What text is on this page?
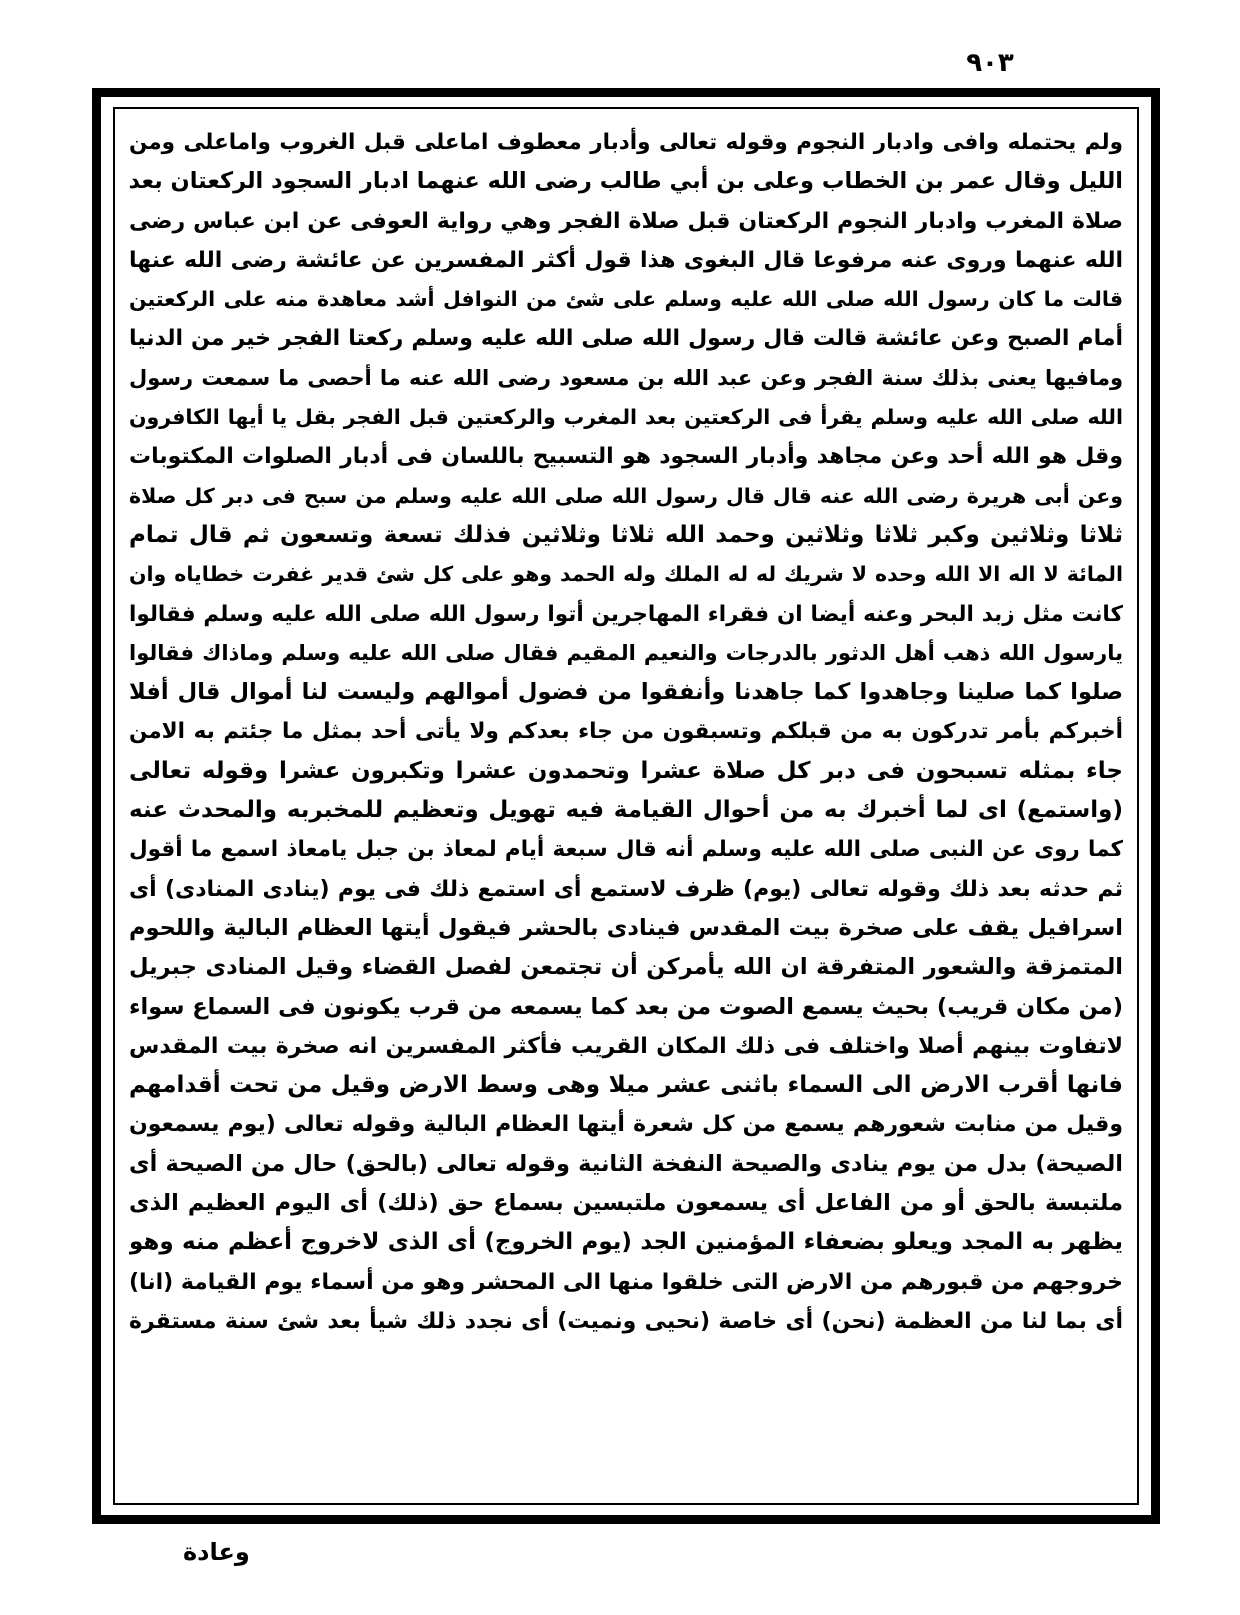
٩٠٣
ولم يحتمله وافى وادبار النجوم وقوله تعالى وأدبار معطوف اماعلى قبل الغروب واماعلى ومن
الليل وقال عمر بن الخطاب وعلى بن أبي طالب رضى الله عنهما ادبار السجود الركعتان بعد
صلاة المغرب وادبار النجوم الركعتان قبل صلاة الفجر وهي رواية العوفى عن ابن عباس رضى
الله عنهما وروى عنه مرفوعا قال البغوى هذا قول أكثر المفسرين عن عائشة رضى الله عنها
قالت ما كان رسول الله صلى الله عليه وسلم على شئ من النوافل أشد معاهدة منه على الركعتين
أمام الصبح وعن عائشة قالت قال رسول الله صلى الله عليه وسلم ركعتا الفجر خير من الدنيا
ومافيها يعنى بذلك سنة الفجر وعن عبد الله بن مسعود رضى الله عنه ما أحصى ما سمعت رسول
الله صلى الله عليه وسلم يقرأ فى الركعتين بعد المغرب والركعتين قبل الفجر بقل يا أيها الكافرون
وقل هو الله أحد وعن مجاهد وأدبار السجود هو التسبيح باللسان فى أدبار الصلوات المكتوبات
وعن أبى هريرة رضى الله عنه قال قال رسول الله صلى الله عليه وسلم من سبح فى دبر كل صلاة
ثلاثا وثلاثين وكبر ثلاثا وثلاثين وحمد الله ثلاثا وثلاثين فذلك تسعة وتسعون ثم قال تمام
المائة لا اله الا الله وحده لا شريك له له الملك وله الحمد وهو على كل شئ قدير غفرت خطاياه وان
كانت مثل زبد البحر وعنه أيضا ان فقراء المهاجرين أتوا رسول الله صلى الله عليه وسلم فقالوا
يارسول الله ذهب أهل الدثور بالدرجات والنعيم المقيم فقال صلى الله عليه وسلم وماذاك فقالوا
صلوا كما صلينا وجاهدوا كما جاهدنا وأنفقوا من فضول أموالهم وليست لنا أموال قال أفلا
أخبركم بأمر تدركون به من قبلكم وتسبقون من جاء بعدكم ولا يأتى أحد بمثل ما جئتم به الامن
جاء بمثله تسبحون فى دبر كل صلاة عشرا وتحمدون عشرا وتكبرون عشرا وقوله تعالى
(واستمع) اى لما أخبرك به من أحوال القيامة فيه تهويل وتعظيم للمخبربه والمحدث عنه
كما روى عن النبى صلى الله عليه وسلم أنه قال سبعة أيام لمعاذ بن جبل يامعاذ اسمع ما أقول
ثم حدثه بعد ذلك وقوله تعالى (يوم) ظرف لاستمع أى استمع ذلك فى يوم (ينادى المنادى) أى
اسرافيل يقف على صخرة بيت المقدس فينادى بالحشر فيقول أيتها العظام البالية واللحوم
المتمزقة والشعور المتفرقة ان الله يأمركن أن تجتمعن لفصل القضاء وقيل المنادى جبريل
(من مكان قريب) بحيث يسمع الصوت من بعد كما يسمعه من قرب يكونون فى السماع سواء
لاتفاوت بينهم أصلا واختلف فى ذلك المكان القريب فأكثر المفسرين انه صخرة بيت المقدس
فانها أقرب الارض الى السماء باثنى عشر ميلا وهى وسط الارض وقيل من تحت أقدامهم
وقيل من منابت شعورهم يسمع من كل شعرة أيتها العظام البالية وقوله تعالى (يوم يسمعون
الصيحة) بدل من يوم ينادى والصيحة النفخة الثانية وقوله تعالى (بالحق) حال من الصيحة أى
ملتبسة بالحق أو من الفاعل أى يسمعون ملتبسين بسماع حق (ذلك) أى اليوم العظيم الذى
يظهر به المجد ويعلو بضعفاء المؤمنين الجد (يوم الخروج) أى الذى لاخروج أعظم منه وهو
خروجهم من قبورهم من الارض التى خلقوا منها الى المحشر وهو من أسماء يوم القيامة (انا)
أى بما لنا من العظمة (نحن) أى خاصة (نحيى ونميت) أى نجدد ذلك شيأ بعد شئ سنة مستقرة
وعادة
